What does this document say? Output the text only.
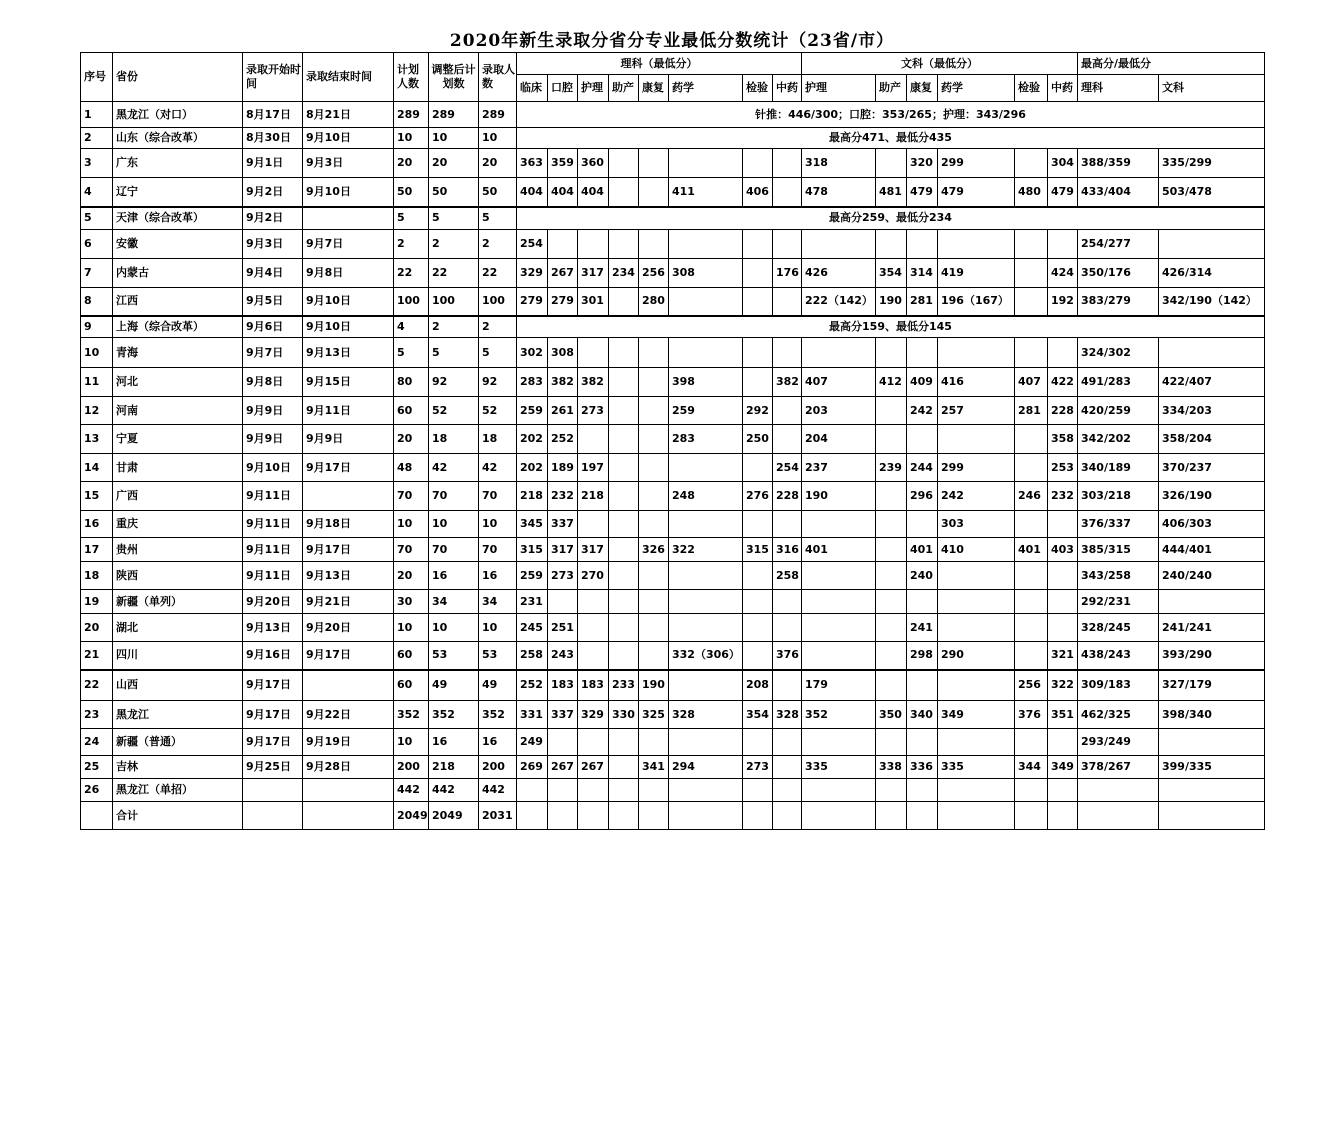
2020年新生录取分省分专业最低分数统计（23省/市）
序号	省份	录取开始时间	录取结束时间	计划人数	调整后计划数	录取人数	理科（最低分）								文科（最低分）						最高分/最低分	
							临床	口腔	护理	助产	康复	药学	检验	中药	护理	助产	康复	药学	检验	中药	理科	文科
1	黑龙江（对口）	8月17日	8月21日	289	289	289	针推：446/300；口腔：353/265；护理：343/296															
2	山东（综合改革）	8月30日	9月10日	10	10	10	最高分471、最低分435															
3	广东	9月1日	9月3日	20	20	20	363	359	360						318		320	299		304	388/359	335/299
4	辽宁	9月2日	9月10日	50	50	50	404	404	404			411	406		478	481	479	479	480	479	433/404	503/478
5	天津（综合改革）	9月2日		5	5	5	最高分259、最低分234															
6	安徽	9月3日	9月7日	2	2	2	254														254/277	
7	内蒙古	9月4日	9月8日	22	22	22	329	267	317	234	256	308		176	426	354	314	419		424	350/176	426/314
8	江西	9月5日	9月10日	100	100	100	279	279	301		280				222（142）	190	281	196（167）		192	383/279	342/190（142）
9	上海（综合改革）	9月6日	9月10日	4	2	2	最高分159、最低分145															
10	青海	9月7日	9月13日	5	5	5	302	308													324/302	
11	河北	9月8日	9月15日	80	92	92	283	382	382			398		382	407	412	409	416	407	422	491/283	422/407
12	河南	9月9日	9月11日	60	52	52	259	261	273			259	292		203		242	257	281	228	420/259	334/203
13	宁夏	9月9日	9月9日	20	18	18	202	252				283	250		204					358	342/202	358/204
14	甘肃	9月10日	9月17日	48	42	42	202	189	197					254	237	239	244	299		253	340/189	370/237
15	广西	9月11日		70	70	70	218	232	218			248	276	228	190		296	242	246	232	303/218	326/190
16	重庆	9月11日	9月18日	10	10	10	345	337										303			376/337	406/303
17	贵州	9月11日	9月17日	70	70	70	315	317	317		326	322	315	316	401		401	410	401	403	385/315	444/401
18	陕西	9月11日	9月13日	20	16	16	259	273	270					258			240				343/258	240/240
19	新疆（单列）	9月20日	9月21日	30	34	34	231														292/231	
20	湖北	9月13日	9月20日	10	10	10	245	251									241				328/245	241/241
21	四川	9月16日	9月17日	60	53	53	258	243				332（306）		376			298	290		321	438/243	393/290
22	山西	9月17日		60	49	49	252	183	183	233	190		208		179				256	322	309/183	327/179
23	黑龙江	9月17日	9月22日	352	352	352	331	337	329	330	325	328	354	328	352	350	340	349	376	351	462/325	398/340
24	新疆（普通）	9月17日	9月19日	10	16	16	249														293/249	
25	吉林	9月25日	9月28日	200	218	200	269	267	267		341	294	273		335	338	336	335	344	349	378/267	399/335
26	黑龙江（单招）			442	442	442																
	合计			2049	2049	2031																
